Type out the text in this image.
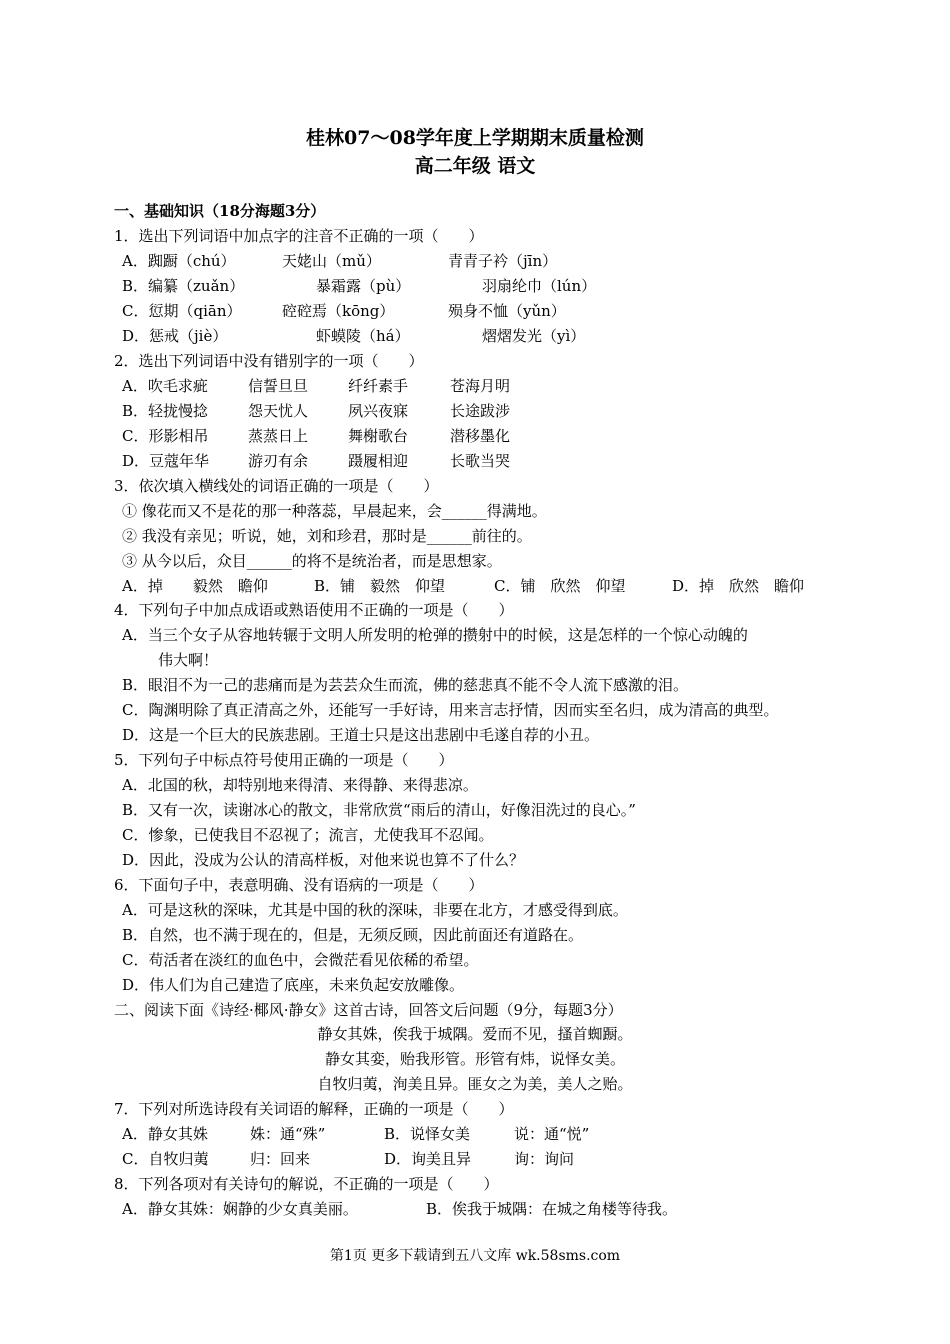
桂林07～08学年度上学期期末质量检测
高二年级 语文
一、基础知识（18分海题3分）
1．选出下列词语中加点字的注音不正确的一项（　　）
A．踟蹰（chú）	天姥山（mǔ）	青青子衿（jīn）
B．编纂（zuǎn）	暴霜露（pù）	羽扇纶巾（lún）
C．愆期（qiān）	硿硿焉（kōng）	殒身不恤（yǔn）
D．惩戒（jiè）	虾蟆陵（há）	熠熠发光（yì）
2．选出下列词语中没有错别字的一项（　　）
A．吹毛求疵	信誓旦旦	纤纤素手	苍海月明
B．轻拢慢捻	怨天忧人	夙兴夜寐	长途跋涉
C．形影相吊	蒸蒸日上	舞榭歌台	潜移墨化
D．豆蔻年华	游刃有余	蹑履相迎	长歌当哭
3．依次填入横线处的词语正确的一项是（　　）
① 像花而又不是花的那一种落蕊，早晨起来，会______得满地。
② 我没有亲见；听说，她，刘和珍君，那时是______前往的。
③ 从今以后，众目______的将不是统治者，而是思想家。
A．掉　　毅然　瞻仰	B．铺　毅然　仰望	C．铺　欣然　仰望	D．掉　欣然　瞻仰
4．下列句子中加点成语或熟语使用不正确的一项是（　　）
A．当三个女子从容地转辗于文明人所发明的枪弹的攒射中的时候，这是怎样的一个惊心动魄的
伟大啊！
B．眼泪不为一己的悲痛而是为芸芸众生而流，佛的慈悲真不能不令人流下感激的泪。
C．陶渊明除了真正清高之外，还能写一手好诗，用来言志抒情，因而实至名归，成为清高的典型。
D．这是一个巨大的民族悲剧。王道士只是这出悲剧中毛遂自荐的小丑。
5．下列句子中标点符号使用正确的一项是（　　）
A．北国的秋，却特别地来得清、来得静、来得悲凉。
B．又有一次，读谢冰心的散文，非常欣赏“雨后的清山，好像泪洗过的良心。”
C．惨象，已使我目不忍视了；流言，尤使我耳不忍闻。
D．因此，没成为公认的清高样板，对他来说也算不了什么？
6．下面句子中，表意明确、没有语病的一项是（　　）
A．可是这秋的深味，尤其是中国的秋的深味，非要在北方，才感受得到底。
B．自然，也不满于现在的，但是，无须反顾，因此前面还有道路在。
C．苟活者在淡红的血色中，会微茫看见依稀的希望。
D．伟人们为自己建造了底座，未来负起安放雕像。
二、阅读下面《诗经·椰风·静女》这首古诗，回答文后问题（9分，每题3分）
静女其姝，俟我于城隅。爱而不见，搔首蜘蹰。
静女其娈，贻我形管。形管有炜，说怿女美。
自牧归荑，洵美且异。匪女之为美，美人之贻。
7．下列对所选诗段有关词语的解释，正确的一项是（　　）
A．静女其姝	姝：通“殊”	B．说怿女美	说：通“悦”
C．自牧归荑	归：回来	D．询美且异	询：询问
8．下列各项对有关诗句的解说，不正确的一项是（　　）
A．静女其姝：娴静的少女真美丽。	B．俟我于城隅：在城之角楼等待我。
第1页 更多下载请到五八文库 wk.58sms.com
